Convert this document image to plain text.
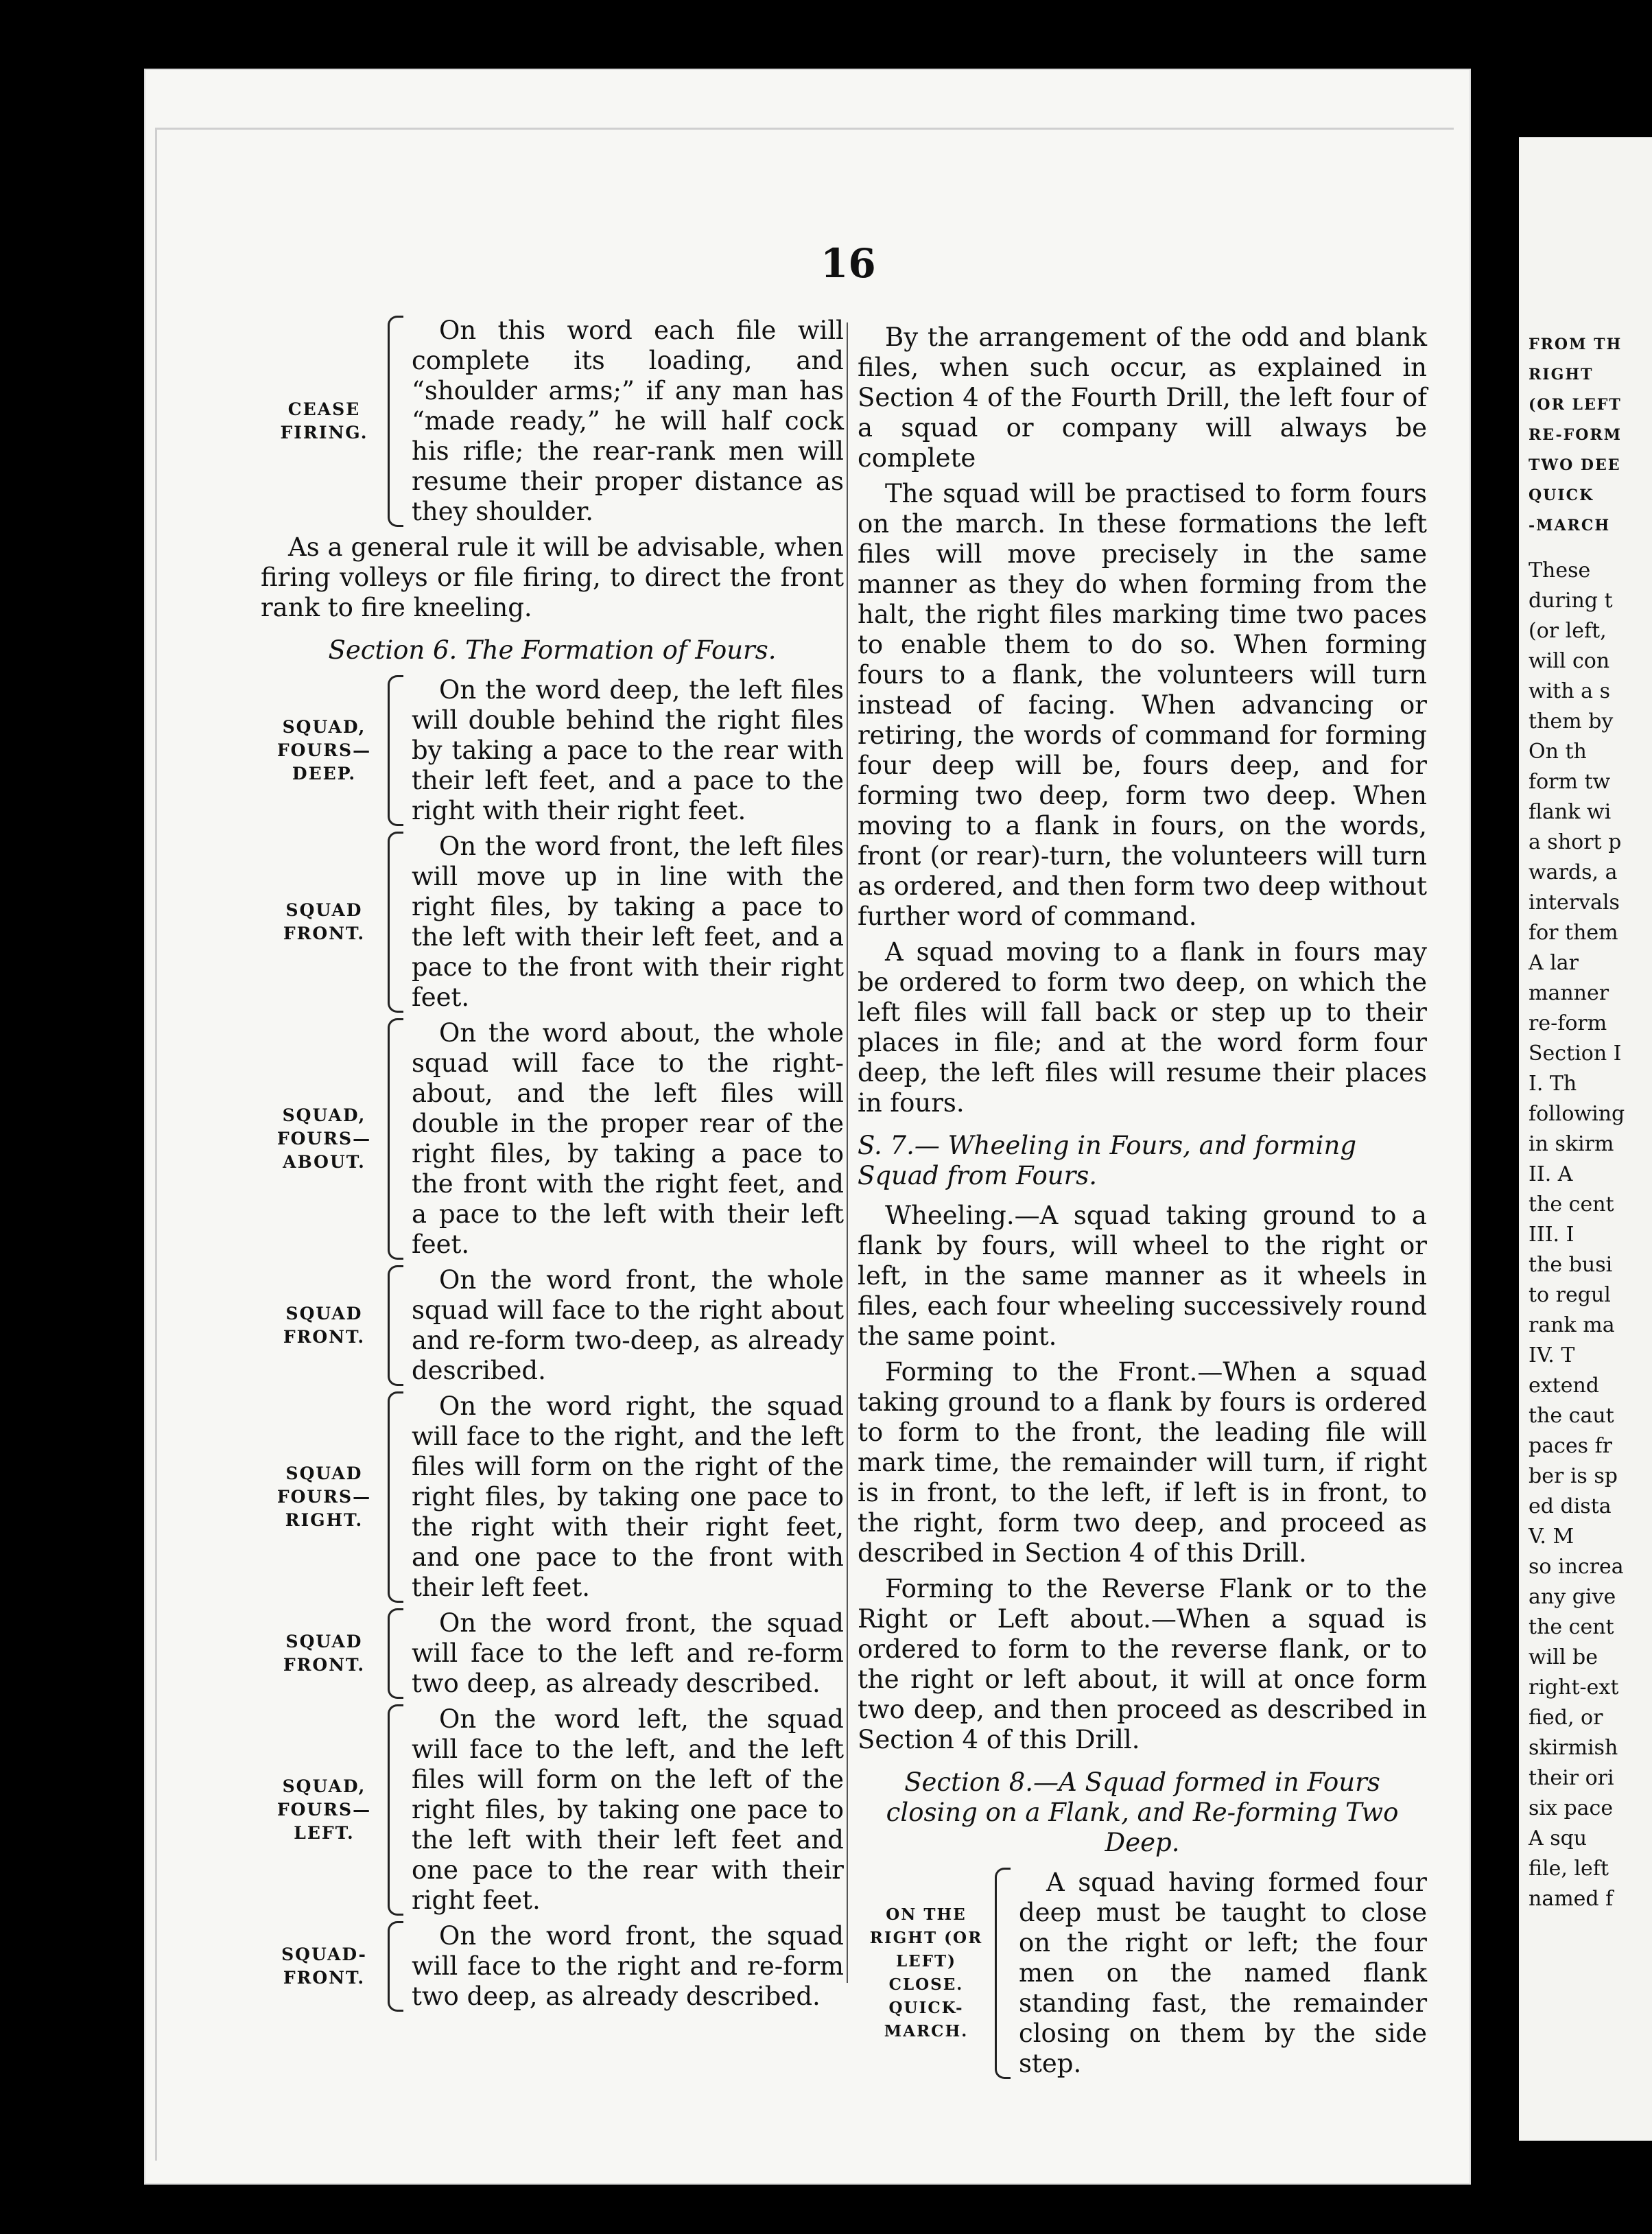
16
CEASE
FIRING.
On this word each file will complete its loading, and “shoulder arms;” if any man has “made ready,” he will half cock his rifle; the rear-rank men will resume their proper distance as they shoulder.

As a general rule it will be advisable, when firing volleys or file firing, to direct the front rank to fire kneeling.

Section 6. The Formation of Fours.

SQUAD,
FOURS—
DEEP.
On the word deep, the left files will double behind the right files by taking a pace to the rear with their left feet, and a pace to the right with their right feet.
SQUAD
FRONT.
On the word front, the left files will move up in line with the right files, by taking a pace to the left with their left feet, and a pace to the front with their right feet.
SQUAD,
FOURS—
ABOUT.
On the word about, the whole squad will face to the right-about, and the left files will double in the proper rear of the right files, by taking a pace to the front with the right feet, and a pace to the left with their left feet.
SQUAD
FRONT.
On the word front, the whole squad will face to the right about and re-form two-deep, as already described.
SQUAD
FOURS—
RIGHT.
On the word right, the squad will face to the right, and the left files will form on the right of the right files, by taking one pace to the right with their right feet, and one pace to the front with their left feet.
SQUAD
FRONT.
On the word front, the squad will face to the left and re-form two deep, as already described.
SQUAD,
FOURS—
LEFT.
On the word left, the squad will face to the left, and the left files will form on the left of the right files, by taking one pace to the left with their left feet and one pace to the rear with their right feet.
SQUAD-
FRONT.
On the word front, the squad will face to the right and re-form two deep, as already described.

By the arrangement of the odd and blank files, when such occur, as explained in Section 4 of the Fourth Drill, the left four of a squad or company will always be complete

The squad will be practised to form fours on the march. In these formations the left files will move precisely in the same manner as they do when forming from the halt, the right files marking time two paces to enable them to do so. When forming fours to a flank, the volunteers will turn instead of facing. When advancing or retiring, the words of command for forming four deep will be, fours deep, and for forming two deep, form two deep. When moving to a flank in fours, on the words, front (or rear)-turn, the volunteers will turn as ordered, and then form two deep without further word of command.

A squad moving to a flank in fours may be ordered to form two deep, on which the left files will fall back or step up to their places in file; and at the word form four deep, the left files will resume their places in fours.

S. 7.— Wheeling in Fours, and forming Squad from Fours.

Wheeling.—A squad taking ground to a flank by fours, will wheel to the right or left, in the same manner as it wheels in files, each four wheeling successively round the same point.

Forming to the Front.—When a squad taking ground to a flank by fours is ordered to form to the front, the leading file will mark time, the remainder will turn, if right is in front, to the left, if left is in front, to the right, form two deep, and proceed as described in Section 4 of this Drill.

Forming to the Reverse Flank or to the Right or Left about.—When a squad is ordered to form to the reverse flank, or to the right or left about, it will at once form two deep, and then proceed as described in Section 4 of this Drill.

Section 8.—A Squad formed in Fours closing on a Flank, and Re-forming Two Deep.

ON THE
RIGHT (OR
LEFT)
CLOSE.
QUICK-
MARCH.
A squad having formed four deep must be taught to close on the right or left; the four men on the named flank standing fast, the remainder closing on them by the side step.
FROM TH
RIGHT
(OR LEFT
RE-FORM
TWO DEE
QUICK
-MARCH
These
during t
(or left,
will con
with a s
them by
On th
form tw
flank wi
a short p
wards, a
intervals
for them
A lar
manner
re-form
Section I
I. Th
following
in skirm
II. A
the cent
III. I
the busi
to regul
rank ma
IV. T
extend
the caut
paces fr
ber is sp
ed dista
V. M
so increa
any give
the cent
will be
right-ext
fied, or
skirmish
their ori
six pace
A squ
file, left
named f
